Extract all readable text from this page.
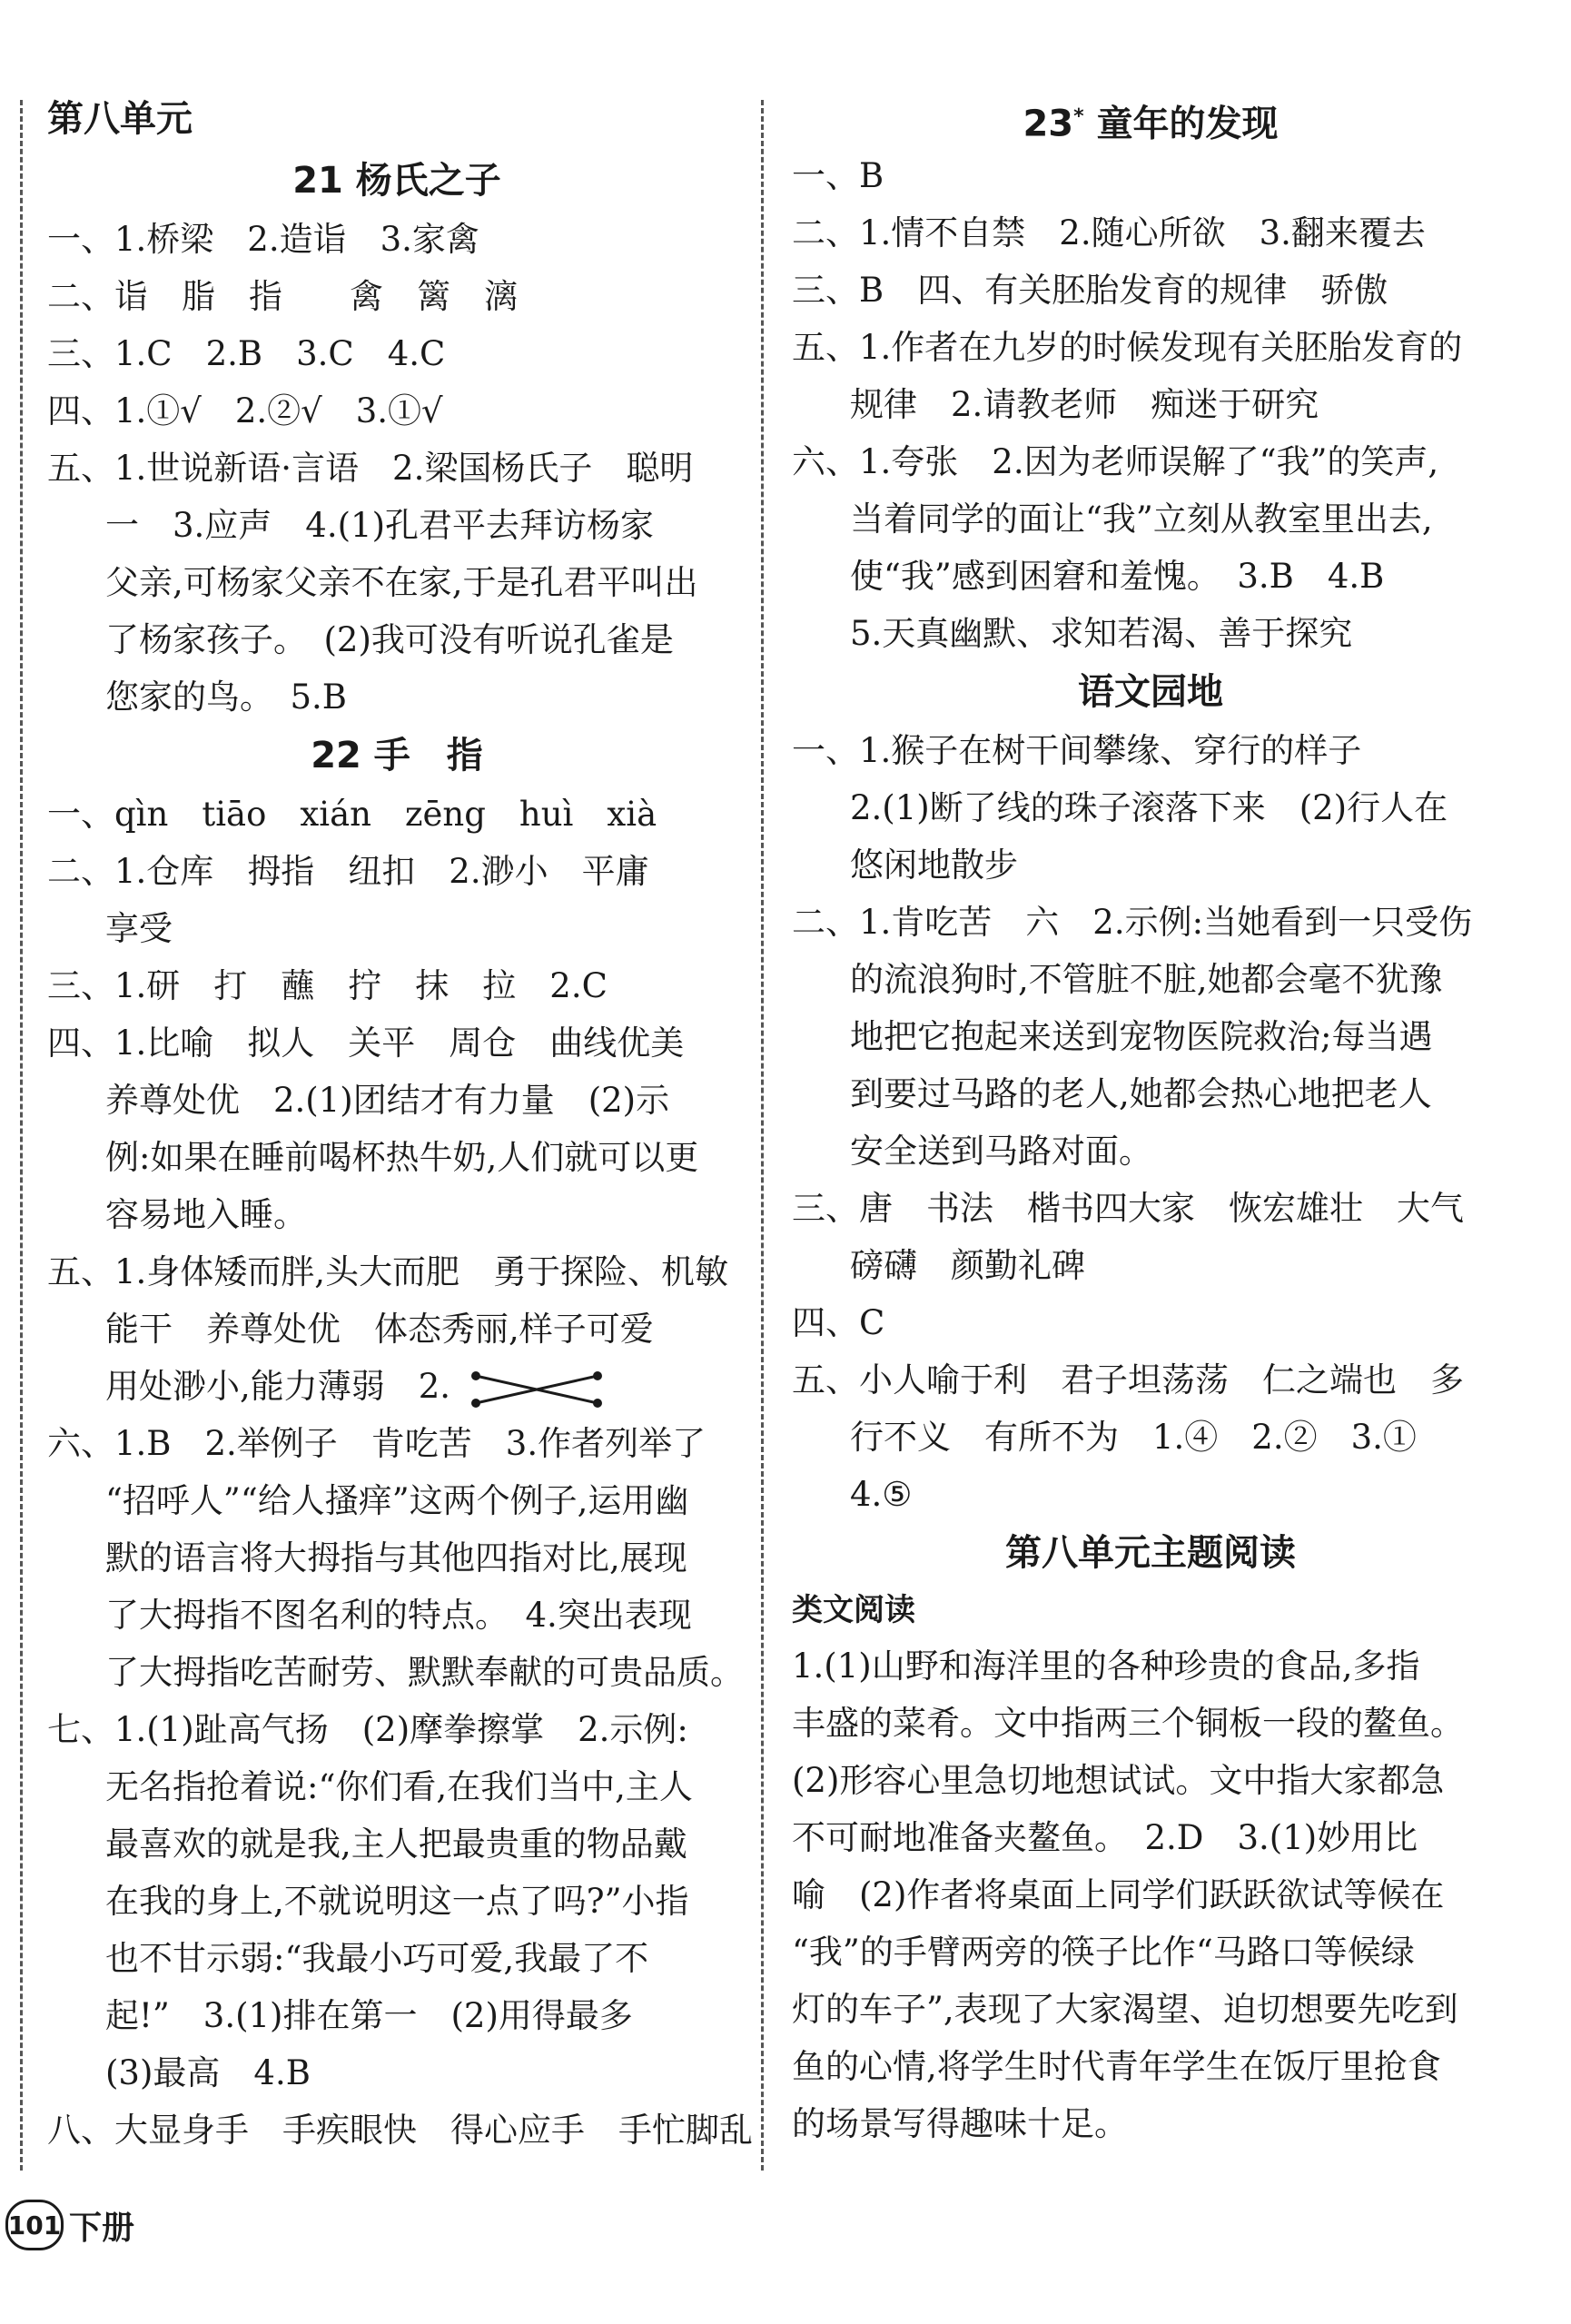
第八单元
21 杨氏之子
一、1.桥梁　2.造诣　3.家禽
二、诣　脂　指　　禽　篱　漓
三、1.C　2.B　3.C　4.C
四、1.①√　2.②√　3.①√
五、1.世说新语·言语　2.梁国杨氏子　聪明
一　3.应声　4.(1)孔君平去拜访杨家
父亲,可杨家父亲不在家,于是孔君平叫出
了杨家孩子。　(2)我可没有听说孔雀是
您家的鸟。　5.B
22 手　指
一、qìn　tiāo　xián　zēng　huì　xià
二、1.仓库　拇指　纽扣　2.渺小　平庸
享受
三、1.研　打　蘸　拧　抹　拉　2.C
四、1.比喻　拟人　关平　周仓　曲线优美
养尊处优　2.(1)团结才有力量　(2)示
例:如果在睡前喝杯热牛奶,人们就可以更
容易地入睡。
五、1.身体矮而胖,头大而肥　勇于探险、机敏
能干　养尊处优　体态秀丽,样子可爱
用处渺小,能力薄弱　2.
六、1.B　2.举例子　肯吃苦　3.作者列举了
“招呼人”“给人搔痒”这两个例子,运用幽
默的语言将大拇指与其他四指对比,展现
了大拇指不图名利的特点。　4.突出表现
了大拇指吃苦耐劳、默默奉献的可贵品质。
七、1.(1)趾高气扬　(2)摩拳擦掌　2.示例:
无名指抢着说:“你们看,在我们当中,主人
最喜欢的就是我,主人把最贵重的物品戴
在我的身上,不就说明这一点了吗?”小指
也不甘示弱:“我最小巧可爱,我最了不
起!”　3.(1)排在第一　(2)用得最多
(3)最高　4.B
八、大显身手　手疾眼快　得心应手　手忙脚乱
23* 童年的发现
一、B
二、1.情不自禁　2.随心所欲　3.翻来覆去
三、B　四、有关胚胎发育的规律　骄傲
五、1.作者在九岁的时候发现有关胚胎发育的
规律　2.请教老师　痴迷于研究
六、1.夸张　2.因为老师误解了“我”的笑声,
当着同学的面让“我”立刻从教室里出去,
使“我”感到困窘和羞愧。　3.B　4.B
5.天真幽默、求知若渴、善于探究
语文园地
一、1.猴子在树干间攀缘、穿行的样子
2.(1)断了线的珠子滚落下来　(2)行人在
悠闲地散步
二、1.肯吃苦　六　2.示例:当她看到一只受伤
的流浪狗时,不管脏不脏,她都会毫不犹豫
地把它抱起来送到宠物医院救治;每当遇
到要过马路的老人,她都会热心地把老人
安全送到马路对面。
三、唐　书法　楷书四大家　恢宏雄壮　大气
磅礴　颜勤礼碑
四、C
五、小人喻于利　君子坦荡荡　仁之端也　多
行不义　有所不为　1.④　2.②　3.①
4.⑤
第八单元主题阅读
类文阅读
1.(1)山野和海洋里的各种珍贵的食品,多指
丰盛的菜肴。文中指两三个铜板一段的鳌鱼。
(2)形容心里急切地想试试。文中指大家都急
不可耐地准备夹鳌鱼。　2.D　3.(1)妙用比
喻　(2)作者将桌面上同学们跃跃欲试等候在
“我”的手臂两旁的筷子比作“马路口等候绿
灯的车子”,表现了大家渴望、迫切想要先吃到
鱼的心情,将学生时代青年学生在饭厅里抢食
的场景写得趣味十足。
101 下册
